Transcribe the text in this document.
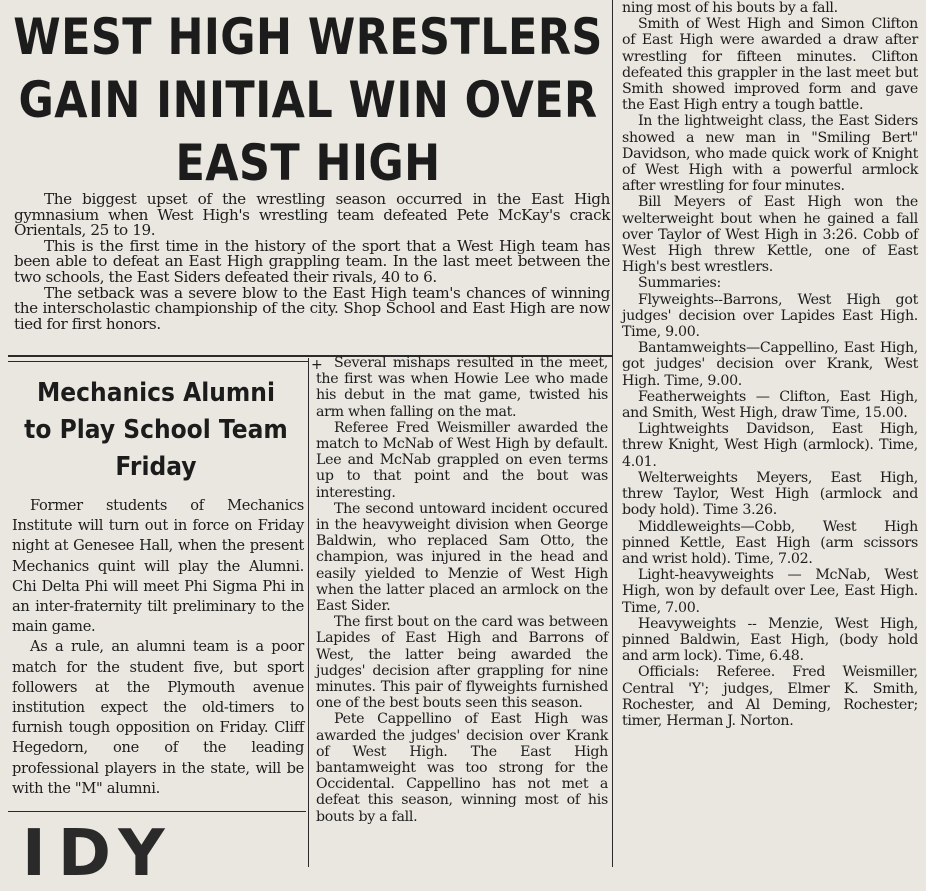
WEST HIGH WRESTLERS GAIN INITIAL WIN OVER EAST HIGH

The biggest upset of the wrestling season occurred in the East High gymnasium when West High's wrestling team defeated Pete McKay's crack Orientals, 25 to 19.

This is the first time in the history of the sport that a West High team has been able to defeat an East High grappling team. In the last meet between the two schools, the East Siders defeated their rivals, 40 to 6.

The setback was a severe blow to the East High team's chances of winning the interscholastic championship of the city. Shop School and East High are now tied for first honors.

+
Mechanics Alumni to Play School Team Friday

Former students of Mechanics Institute will turn out in force on Friday night at Genesee Hall, when the present Mechanics quint will play the Alumni. Chi Delta Phi will meet Phi Sigma Phi in an inter-fraternity tilt preliminary to the main game.

As a rule, an alumni team is a poor match for the student five, but sport followers at the Plymouth avenue institution expect the old-timers to furnish tough opposition on Friday. Cliff Hegedorn, one of the leading professional players in the state, will be with the "M" alumni.

Several mishaps resulted in the meet, the first was when Howie Lee who made his debut in the mat game, twisted his arm when falling on the mat.

Referee Fred Weismiller awarded the match to McNab of West High by default. Lee and McNab grappled on even terms up to that point and the bout was interesting.

The second untoward incident occured in the heavyweight division when George Baldwin, who replaced Sam Otto, the champion, was injured in the head and easily yielded to Menzie of West High when the latter placed an armlock on the East Sider.

The first bout on the card was between Lapides of East High and Barrons of West, the latter being awarded the judges' decision after grappling for nine minutes. This pair of flyweights furnished one of the best bouts seen this season.

Pete Cappellino of East High was awarded the judges' decision over Krank of West High. The East High bantamweight was too strong for the Occidental. Cappellino has not met a defeat this season, winning most of his bouts by a fall.

ning most of his bouts by a fall.

Smith of West High and Simon Clifton of East High were awarded a draw after wrestling for fifteen minutes. Clifton defeated this grappler in the last meet but Smith showed improved form and gave the East High entry a tough battle.

In the lightweight class, the East Siders showed a new man in "Smiling Bert" Davidson, who made quick work of Knight of West High with a powerful armlock after wrestling for four minutes.

Bill Meyers of East High won the welterweight bout when he gained a fall over Taylor of West High in 3:26. Cobb of West High threw Kettle, one of East High's best wrestlers.

Summaries:

Flyweights--Barrons, West High got judges' decision over Lapides East High. Time, 9.00.

Bantamweights—Cappellino, East High, got judges' decision over Krank, West High. Time, 9.00.

Featherweights — Clifton, East High, and Smith, West High, draw Time, 15.00.

Lightweights Davidson, East High, threw Knight, West High (armlock). Time, 4.01.

Welterweights Meyers, East High, threw Taylor, West High (armlock and body hold). Time 3.26.

Middleweights—Cobb, West High pinned Kettle, East High (arm scissors and wrist hold). Time, 7.02.

Light-heavyweights — McNab, West High, won by default over Lee, East High. Time, 7.00.

Heavyweights -- Menzie, West High, pinned Baldwin, East High, (body hold and arm lock). Time, 6.48.

Officials: Referee. Fred Weismiller, Central 'Y'; judges, Elmer K. Smith, Rochester, and Al Deming, Rochester; timer, Herman J. Norton.

IDY
